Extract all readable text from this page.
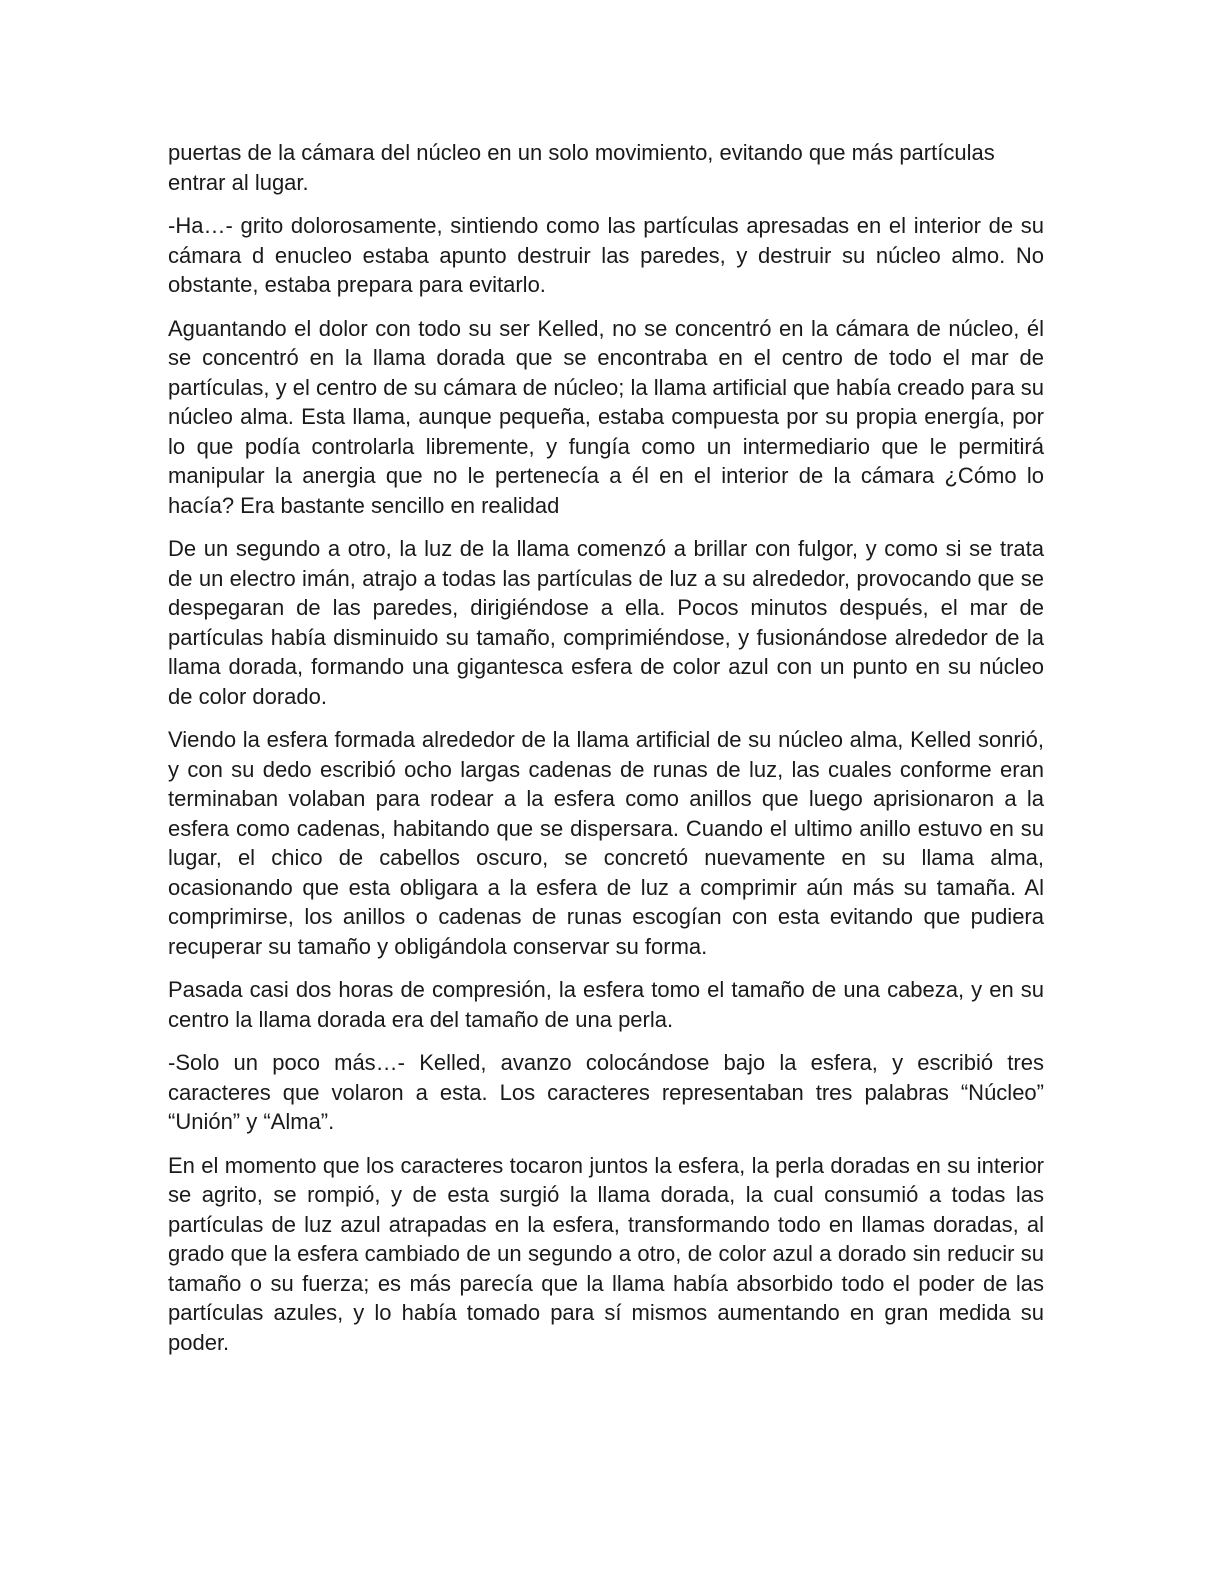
puertas de la cámara del núcleo en un solo movimiento, evitando que más partículas entrar al lugar.

-Ha…- grito dolorosamente, sintiendo como las partículas apresadas en el interior de su cámara d enucleo estaba apunto destruir las paredes, y destruir su núcleo almo. No obstante, estaba prepara para evitarlo.

Aguantando el dolor con todo su ser Kelled, no se concentró en la cámara de núcleo, él se concentró en la llama dorada que se encontraba en el centro de todo el mar de partículas, y el centro de su cámara de núcleo; la llama artificial que había creado para su núcleo alma. Esta llama, aunque pequeña, estaba compuesta por su propia energía, por lo que podía controlarla libremente, y fungía como un intermediario que le permitirá manipular la anergia que no le pertenecía a él en el interior de la cámara ¿Cómo lo hacía? Era bastante sencillo en realidad

De un segundo a otro, la luz de la llama comenzó a brillar con fulgor, y como si se trata de un electro imán, atrajo a todas las partículas de luz a su alrededor, provocando que se despegaran de las paredes, dirigiéndose a ella. Pocos minutos después, el mar de partículas había disminuido su tamaño, comprimiéndose, y fusionándose alrededor de la llama dorada, formando una gigantesca esfera de color azul con un punto en su núcleo de color dorado.

Viendo la esfera formada alrededor de la llama artificial de su núcleo alma, Kelled sonrió, y con su dedo escribió ocho largas cadenas de runas de luz, las cuales conforme eran terminaban volaban para rodear a la esfera como anillos que luego aprisionaron a la esfera como cadenas, habitando que se dispersara. Cuando el ultimo anillo estuvo en su lugar, el chico de cabellos oscuro, se concretó nuevamente en su llama alma, ocasionando que esta obligara a la esfera de luz a comprimir aún más su tamaña. Al comprimirse, los anillos o cadenas de runas escogían con esta evitando que pudiera recuperar su tamaño y obligándola conservar su forma.

Pasada casi dos horas de compresión, la esfera tomo el tamaño de una cabeza, y en su centro la llama dorada era del tamaño de una perla.

-Solo un poco más…- Kelled, avanzo colocándose bajo la esfera, y escribió tres caracteres que volaron a esta. Los caracteres representaban tres palabras “Núcleo” “Unión” y “Alma”.

En el momento que los caracteres tocaron juntos la esfera, la perla doradas en su interior se agrito, se rompió, y de esta surgió la llama dorada, la cual consumió a todas las partículas de luz azul atrapadas en la esfera, transformando todo en llamas doradas, al grado que la esfera cambiado de un segundo a otro, de color azul a dorado sin reducir su tamaño o su fuerza; es más parecía que la llama había absorbido todo el poder de las partículas azules, y lo había tomado para sí mismos aumentando en gran medida su poder.
